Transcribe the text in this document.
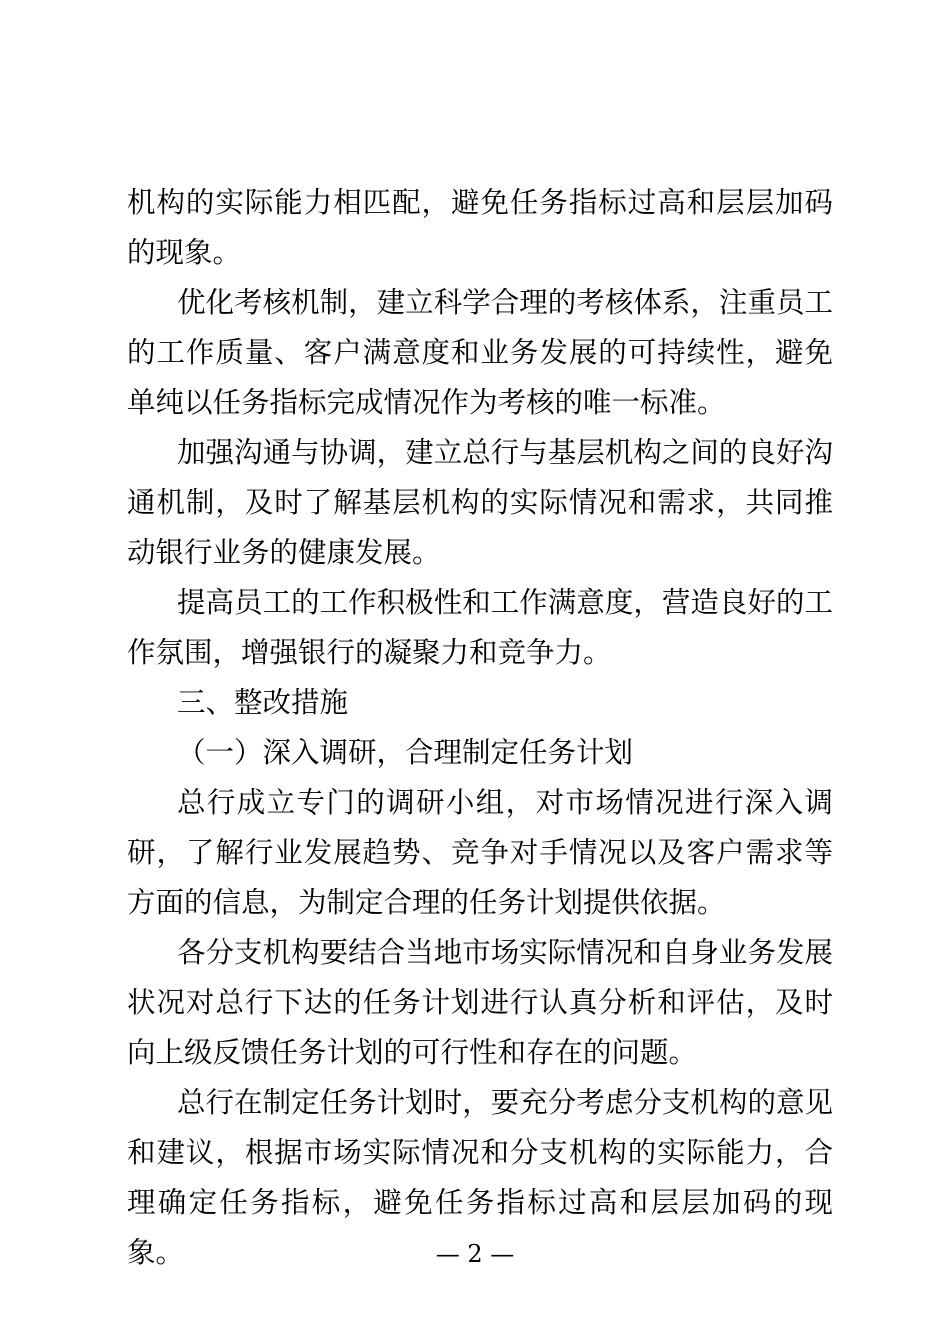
机构的实际能力相匹配，避免任务指标过高和层层加码的现象。

优化考核机制，建立科学合理的考核体系，注重员工的工作质量、客户满意度和业务发展的可持续性，避免单纯以任务指标完成情况作为考核的唯一标准。

加强沟通与协调，建立总行与基层机构之间的良好沟通机制，及时了解基层机构的实际情况和需求，共同推动银行业务的健康发展。

提高员工的工作积极性和工作满意度，营造良好的工作氛围，增强银行的凝聚力和竞争力。

三、整改措施

（一）深入调研，合理制定任务计划

总行成立专门的调研小组，对市场情况进行深入调研，了解行业发展趋势、竞争对手情况以及客户需求等方面的信息，为制定合理的任务计划提供依据。

各分支机构要结合当地市场实际情况和自身业务发展状况对总行下达的任务计划进行认真分析和评估，及时向上级反馈任务计划的可行性和存在的问题。

总行在制定任务计划时，要充分考虑分支机构的意见和建议，根据市场实际情况和分支机构的实际能力，合理确定任务指标，避免任务指标过高和层层加码的现象。	— 2 —
